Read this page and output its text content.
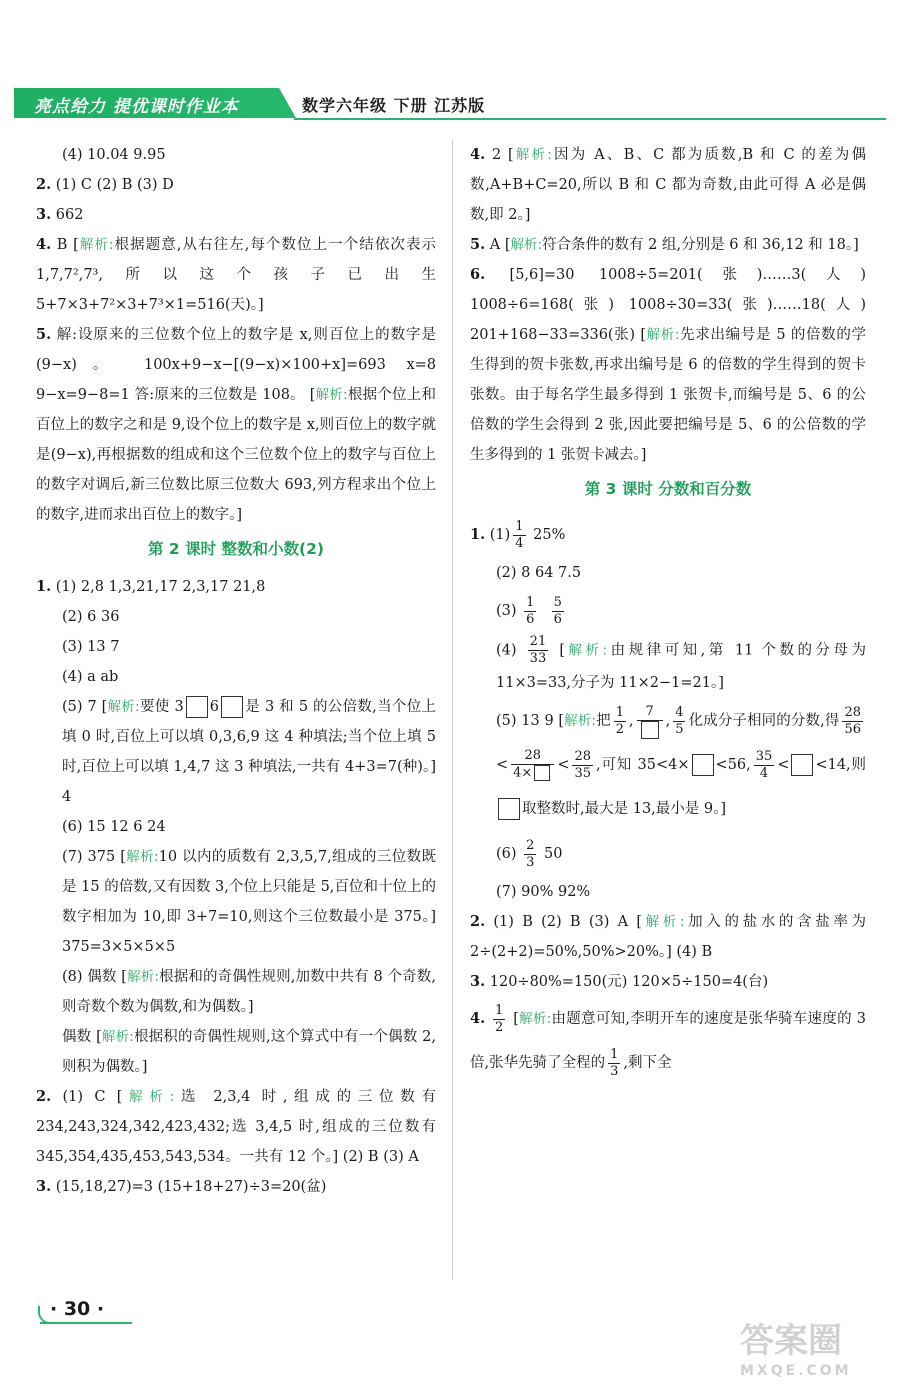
亮点给力 提优课时作业本	数学六年级 下册 江苏版

(4) 10.04 9.95

2. (1) C (2) B (3) D

3. 662

4. B [解析:根据题意,从右往左,每个数位上一个结依次表示 1,7,7²,7³,所以这个孩子已出生 5+7×3+7²×3+7³×1=516(天)。]

5. 解:设原来的三位数个位上的数字是 x,则百位上的数字是(9−x)。 100x+9−x−[(9−x)×100+x]=693 x=8 9−x=9−8=1 答:原来的三位数是 108。 [解析:根据个位上和百位上的数字之和是 9,设个位上的数字是 x,则百位上的数字就是(9−x),再根据数的组成和这个三位数个位上的数字与百位上的数字对调后,新三位数比原三位数大 693,列方程求出个位上的数字,进而求出百位上的数字。]

第 2 课时 整数和小数(2)

1. (1) 2,8 1,3,21,17 2,3,17 21,8

(2) 6 36

(3) 13 7

(4) a ab

(5) 7 [解析:要使 3 6 是 3 和 5 的公倍数,当个位上填 0 时,百位上可以填 0,3,6,9 这 4 种填法;当个位上填 5 时,百位上可以填 1,4,7 这 3 种填法,一共有 4+3=7(种)。] 4

(6) 15 12 6 24

(7) 375 [解析:10 以内的质数有 2,3,5,7,组成的三位数既是 15 的倍数,又有因数 3,个位上只能是 5,百位和十位上的数字相加为 10,即 3+7=10,则这个三位数最小是 375。] 375=3×5×5×5

(8) 偶数 [解析:根据和的奇偶性规则,加数中共有 8 个奇数,则奇数个数为偶数,和为偶数。]

偶数 [解析:根据积的奇偶性规则,这个算式中有一个偶数 2,则积为偶数。]

2. (1) C [解析:选 2,3,4 时,组成的三位数有 234,243,324,342,423,432;选 3,4,5 时,组成的三位数有 345,354,435,453,543,534。一共有 12 个。] (2) B (3) A

3. (15,18,27)=3 (15+18+27)÷3=20(盆)

4. 2 [解析:因为 A、B、C 都为质数,B 和 C 的差为偶数,A+B+C=20,所以 B 和 C 都为奇数,由此可得 A 必是偶数,即 2。]

5. A [解析:符合条件的数有 2 组,分别是 6 和 36,12 和 18。]

6. [5,6]=30 1008÷5=201(张)……3(人) 1008÷6=168(张) 1008÷30=33(张)……18(人) 201+168−33=336(张) [解析:先求出编号是 5 的倍数的学生得到的贺卡张数,再求出编号是 6 的倍数的学生得到的贺卡张数。由于每名学生最多得到 1 张贺卡,而编号是 5、6 的公倍数的学生会得到 2 张,因此要把编号是 5、6 的公倍数的学生多得到的 1 张贺卡减去。]

第 3 课时 分数和百分数

1. $(1) \frac{1}{4} 25\%$

(2) 8 64 7.5

$(3) \frac{1}{6}$
$\frac{5}{6}$

$(4) \frac{21}{33}$ [解析:由规律可知,第 11 个数的分母为 11×3=33,分子为 11×2−1=21。]

(5) 13 9 [解析:把 $\frac{1}{2}$ ,
7
, $\frac{4}{5}$ 化成分子相同的分数,得 $\frac{28}{56}$
< $\frac{28}{4\times} < \frac{28}{35}$ ,可知 35<4× <56, $\frac{35}{4} < <14$,则取整数时,最大是 13,最小是 9。]

$(6) \frac{2}{3} 50$

(7) 90% 92%

2. (1) B (2) B (3) A [解析:加入的盐水的含盐率为 2÷(2+2)=50%,50%>20%。] (4) B

3. 120÷80%=150(元) 120×5÷150=4(台)

4. $\frac{1}{2}$ [解析:由题意可知,李明开车的速度是张华骑车速度的 3 倍,张华先骑了全程的 $\frac{1}{3}$ ,剩下全

· 30 ·
答案圈
MXQE.COM
